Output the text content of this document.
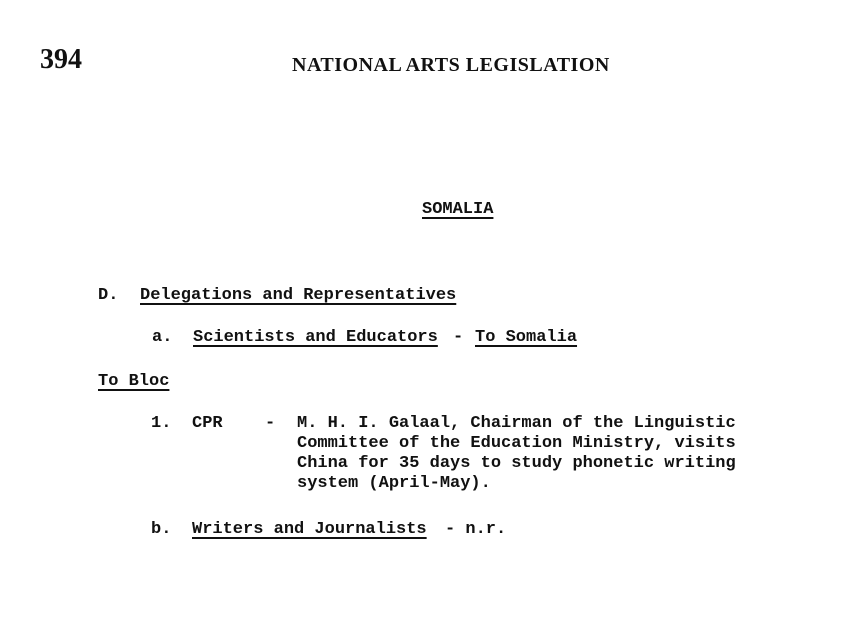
394	NATIONAL ARTS LEGISLATION
SOMALIA
D. Delegations and Representatives
a. Scientists and Educators - To Somalia
To Bloc
1. CPR - M. H. I. Galaal, Chairman of the Linguistic
Committee of the Education Ministry, visits
China for 35 days to study phonetic writing
system (April-May).
b. Writers and Journalists - n.r.
